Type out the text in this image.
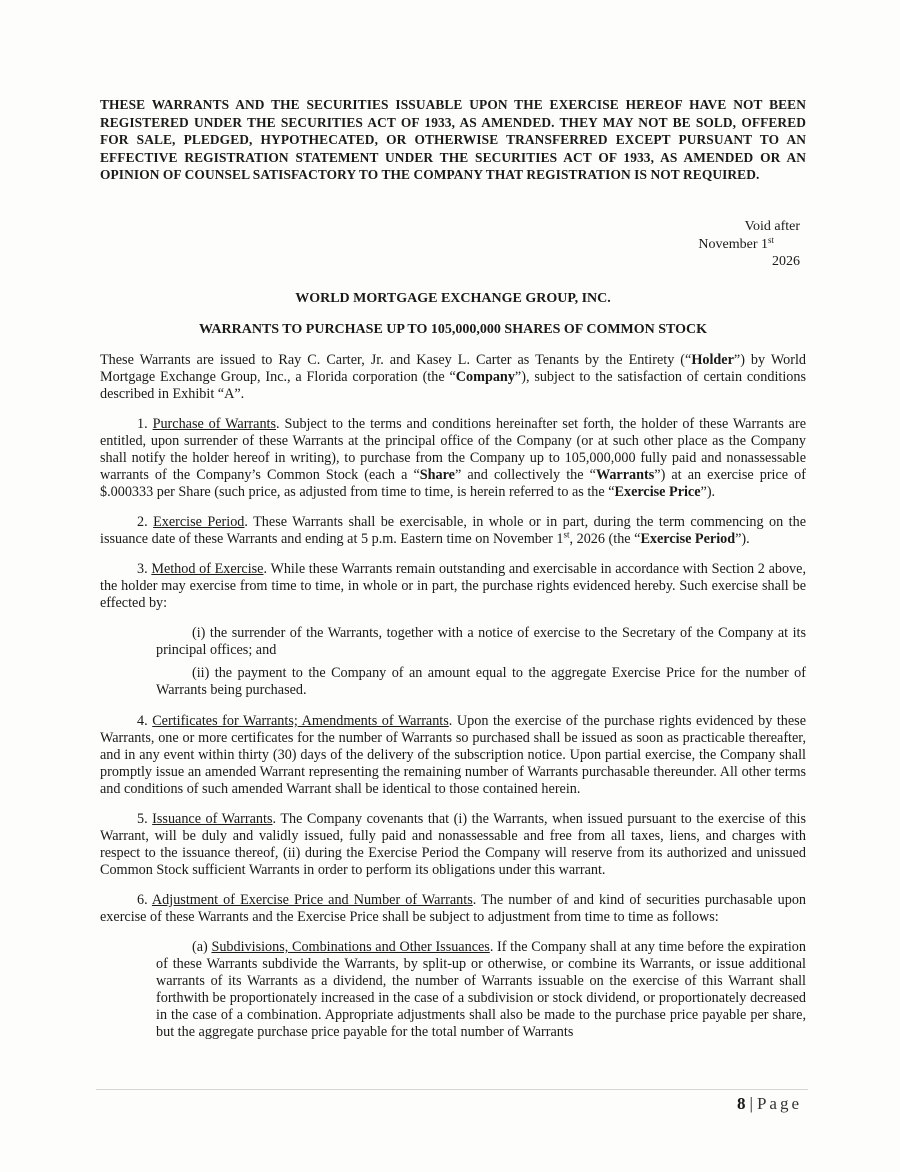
THESE WARRANTS AND THE SECURITIES ISSUABLE UPON THE EXERCISE HEREOF HAVE NOT BEEN REGISTERED UNDER THE SECURITIES ACT OF 1933, AS AMENDED. THEY MAY NOT BE SOLD, OFFERED FOR SALE, PLEDGED, HYPOTHECATED, OR OTHERWISE TRANSFERRED EXCEPT PURSUANT TO AN EFFECTIVE REGISTRATION STATEMENT UNDER THE SECURITIES ACT OF 1933, AS AMENDED OR AN OPINION OF COUNSEL SATISFACTORY TO THE COMPANY THAT REGISTRATION IS NOT REQUIRED.
Void after
November 1st
2026
WORLD MORTGAGE EXCHANGE GROUP, INC.
WARRANTS TO PURCHASE UP TO 105,000,000 SHARES OF COMMON STOCK

These Warrants are issued to Ray C. Carter, Jr. and Kasey L. Carter as Tenants by the Entirety (“Holder”) by World Mortgage Exchange Group, Inc., a Florida corporation (the “Company”), subject to the satisfaction of certain conditions described in Exhibit “A”.

1. Purchase of Warrants. Subject to the terms and conditions hereinafter set forth, the holder of these Warrants are entitled, upon surrender of these Warrants at the principal office of the Company (or at such other place as the Company shall notify the holder hereof in writing), to purchase from the Company up to 105,000,000 fully paid and nonassessable warrants of the Company’s Common Stock (each a “Share” and collectively the “Warrants”) at an exercise price of $.000333 per Share (such price, as adjusted from time to time, is herein referred to as the “Exercise Price”).

2. Exercise Period. These Warrants shall be exercisable, in whole or in part, during the term commencing on the issuance date of these Warrants and ending at 5 p.m. Eastern time on November 1st, 2026 (the “Exercise Period”).

3. Method of Exercise. While these Warrants remain outstanding and exercisable in accordance with Section 2 above, the holder may exercise from time to time, in whole or in part, the purchase rights evidenced hereby. Such exercise shall be effected by:

(i) the surrender of the Warrants, together with a notice of exercise to the Secretary of the Company at its principal offices; and

(ii) the payment to the Company of an amount equal to the aggregate Exercise Price for the number of Warrants being purchased.

4. Certificates for Warrants; Amendments of Warrants. Upon the exercise of the purchase rights evidenced by these Warrants, one or more certificates for the number of Warrants so purchased shall be issued as soon as practicable thereafter, and in any event within thirty (30) days of the delivery of the subscription notice. Upon partial exercise, the Company shall promptly issue an amended Warrant representing the remaining number of Warrants purchasable thereunder. All other terms and conditions of such amended Warrant shall be identical to those contained herein.

5. Issuance of Warrants. The Company covenants that (i) the Warrants, when issued pursuant to the exercise of this Warrant, will be duly and validly issued, fully paid and nonassessable and free from all taxes, liens, and charges with respect to the issuance thereof, (ii) during the Exercise Period the Company will reserve from its authorized and unissued Common Stock sufficient Warrants in order to perform its obligations under this warrant.

6. Adjustment of Exercise Price and Number of Warrants. The number of and kind of securities purchasable upon exercise of these Warrants and the Exercise Price shall be subject to adjustment from time to time as follows:

(a) Subdivisions, Combinations and Other Issuances. If the Company shall at any time before the expiration of these Warrants subdivide the Warrants, by split-up or otherwise, or combine its Warrants, or issue additional warrants of its Warrants as a dividend, the number of Warrants issuable on the exercise of this Warrant shall forthwith be proportionately increased in the case of a subdivision or stock dividend, or proportionately decreased in the case of a combination. Appropriate adjustments shall also be made to the purchase price payable per share, but the aggregate purchase price payable for the total number of Warrants

8 | Page
